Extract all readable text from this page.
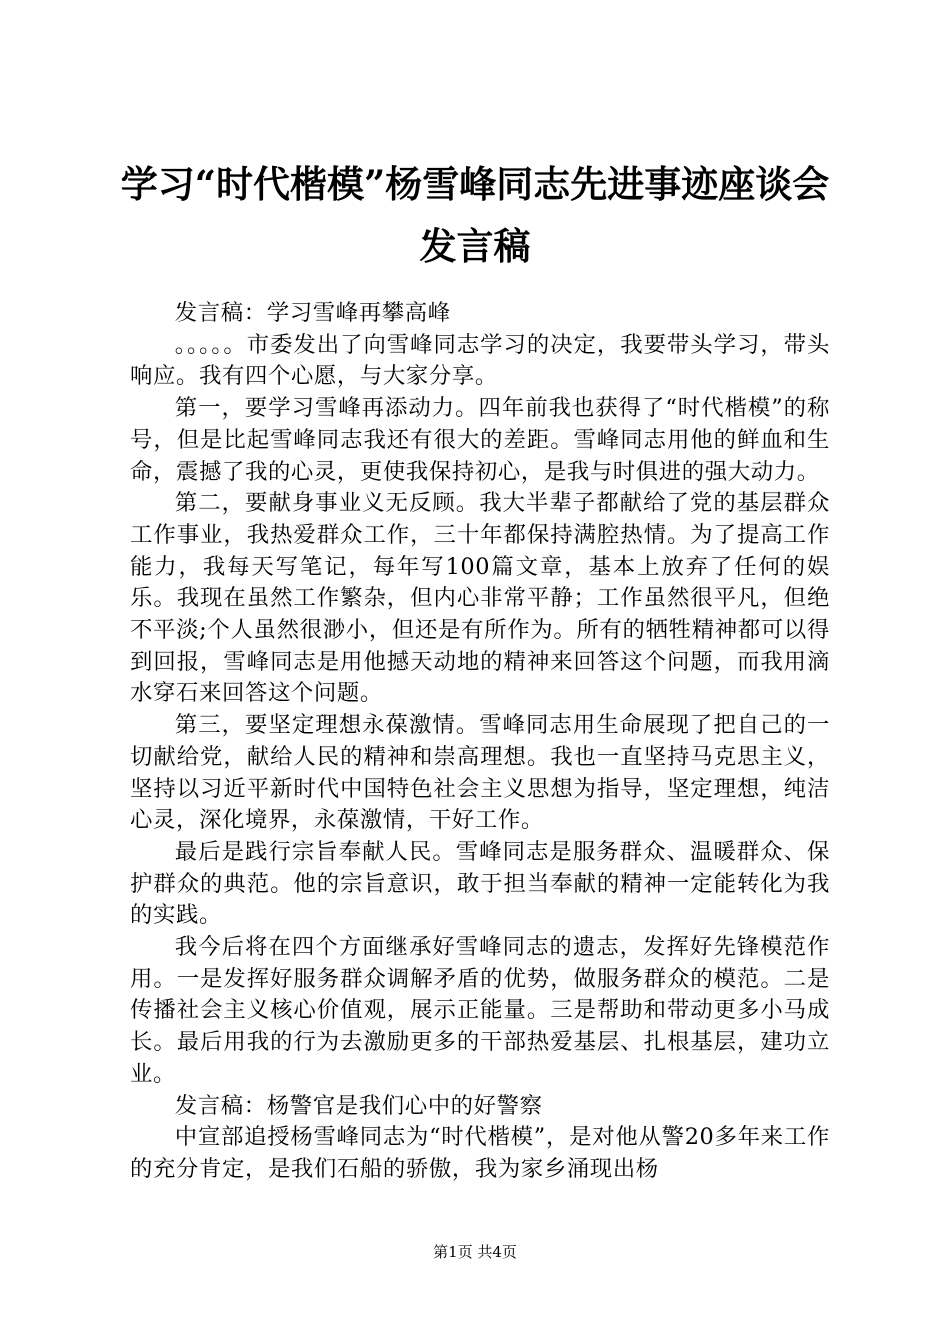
学习“时代楷模”杨雪峰同志先进事迹座谈会
发言稿

发言稿：学习雪峰再攀高峰

。。。。。市委发出了向雪峰同志学习的决定，我要带头学习，带头响应。我有四个心愿，与大家分享。

第一，要学习雪峰再添动力。四年前我也获得了“时代楷模”的称号，但是比起雪峰同志我还有很大的差距。雪峰同志用他的鲜血和生命，震撼了我的心灵，更使我保持初心，是我与时俱进的强大动力。

第二，要献身事业义无反顾。我大半辈子都献给了党的基层群众工作事业，我热爱群众工作，三十年都保持满腔热情。为了提高工作能力，我每天写笔记，每年写100篇文章，基本上放弃了任何的娱乐。我现在虽然工作繁杂，但内心非常平静；工作虽然很平凡，但绝不平淡;个人虽然很渺小，但还是有所作为。所有的牺牲精神都可以得到回报，雪峰同志是用他撼天动地的精神来回答这个问题，而我用滴水穿石来回答这个问题。

第三，要坚定理想永葆激情。雪峰同志用生命展现了把自己的一切献给党，献给人民的精神和崇高理想。我也一直坚持马克思主义，坚持以习近平新时代中国特色社会主义思想为指导，坚定理想，纯洁心灵，深化境界，永葆激情，干好工作。

最后是践行宗旨奉献人民。雪峰同志是服务群众、温暖群众、保护群众的典范。他的宗旨意识，敢于担当奉献的精神一定能转化为我的实践。

我今后将在四个方面继承好雪峰同志的遗志，发挥好先锋模范作用。一是发挥好服务群众调解矛盾的优势，做服务群众的模范。二是传播社会主义核心价值观，展示正能量。三是帮助和带动更多小马成长。最后用我的行为去激励更多的干部热爱基层、扎根基层，建功立业。

发言稿：杨警官是我们心中的好警察

中宣部追授杨雪峰同志为“时代楷模”，是对他从警20多年来工作的充分肯定，是我们石船的骄傲，我为家乡涌现出杨

第1页 共4页
